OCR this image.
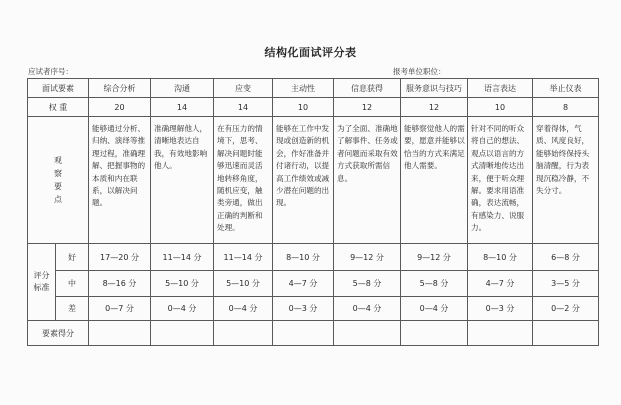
结构化面试评分表
应试者序号：	报考单位职位：
面试要素		综合分析	沟通	应变	主动性	信息获得	服务意识与技巧	语言表达	举止仪表
权 重		20	14	14	10	12	12	10	8
观察要点		能够通过分析、归纳、演绎等推理过程，准确理解、把握事物的本质和内在联系，以解决问题。	准确理解他人，清晰地表达自我，有效地影响他人。	在有压力的情境下，思考、解决问题时能够迅速而灵活地转移角度，随机应变，触类旁通，做出正确的判断和处理。	能够在工作中发现或创造新的机会，作好准备并付诸行动，以提高工作绩效或减少潜在问题的出现。	为了全面、准确地了解事件、任务或者问题而采取有效方式获取所需信息。	能够察觉他人的需要，愿意并能够以恰当的方式来满足他人需要。	针对不同的听众将自己的想法、观点以语言的方式清晰地传达出来，便于听众理解。要求用语准确，表达流畅，有感染力、说服力。	穿着得体，气质、风度良好，能够始终保持头脑清醒，行为表现沉稳冷静，不失分寸。

评分标准	好	17—20 分	11—14 分	11—14 分	8—10 分	9—12 分	9—12 分	8—10 分	6—8 分
	中	8—16 分	5—10 分	5—10 分	4—7 分	5—8 分	5—8 分	4—7 分	3—5 分
	差	0—7 分	0—4 分	0—4 分	0—3 分	0—4 分	0—4 分	0—3 分	0—2 分
要素得分									
